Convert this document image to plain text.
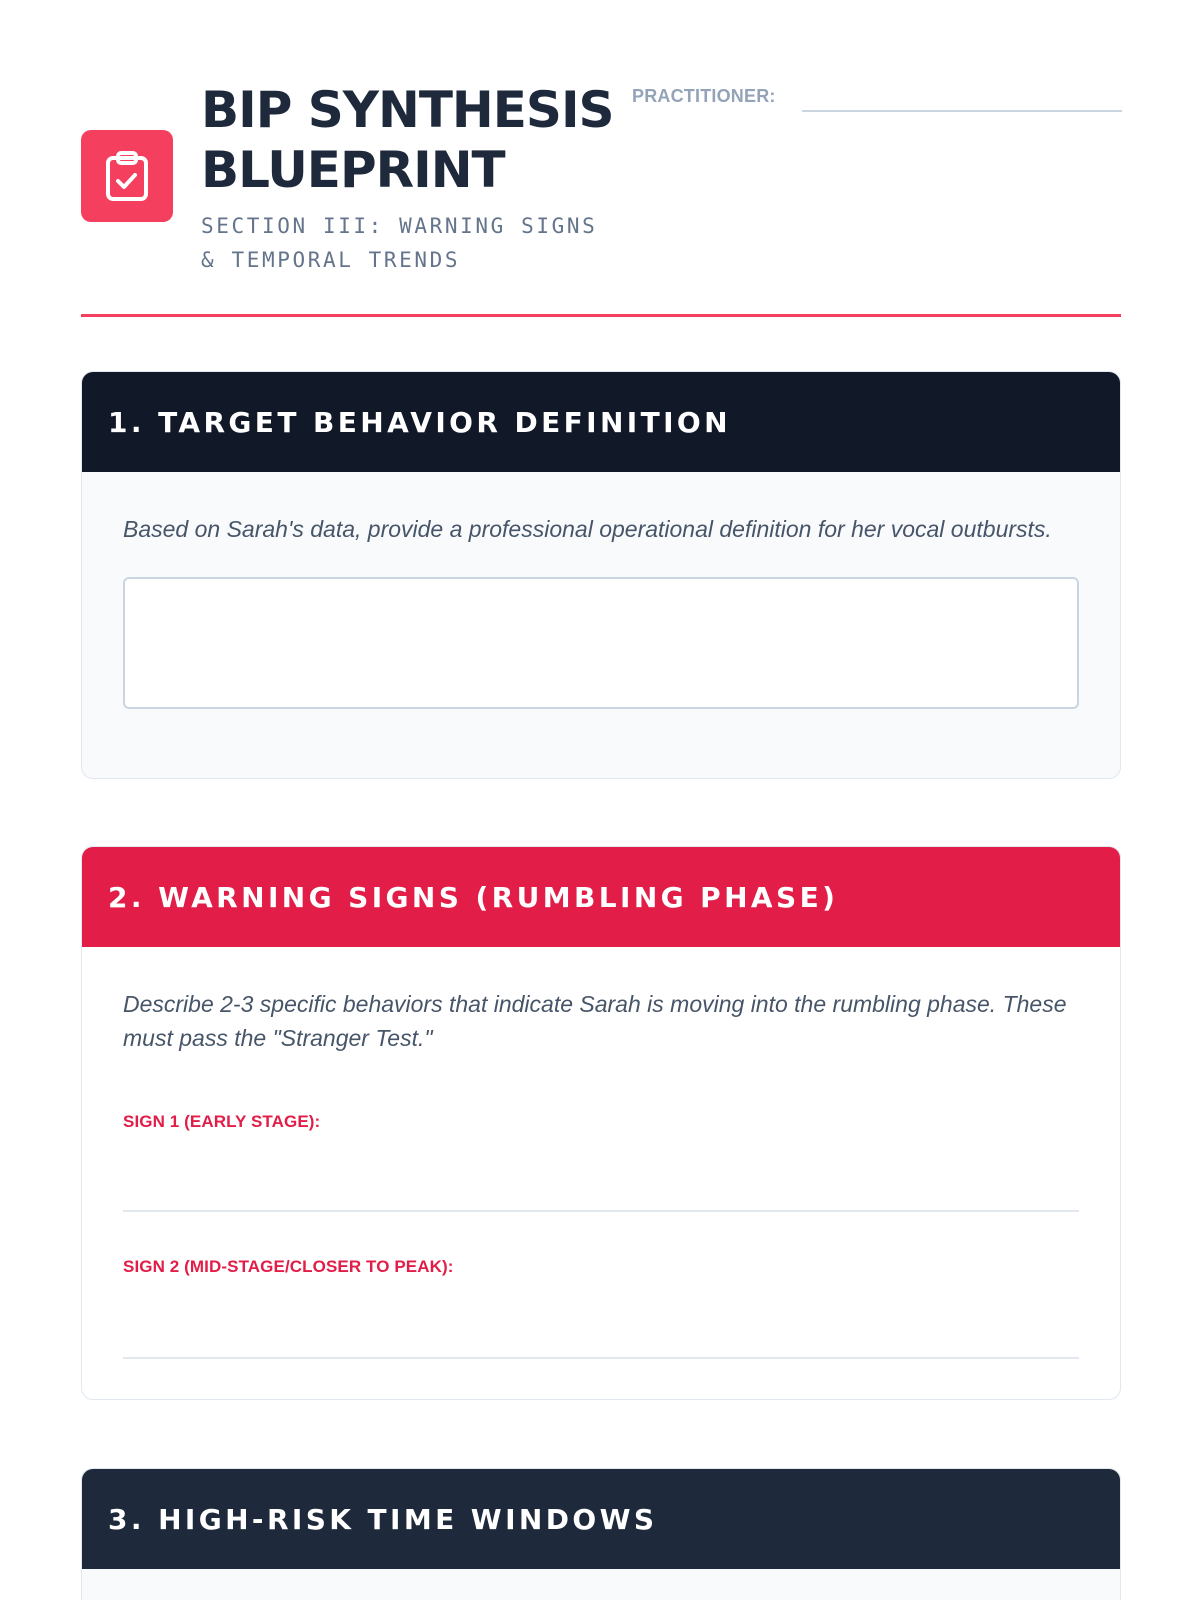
BIP SYNTHESIS BLUEPRINT
SECTION III: WARNING SIGNS
& TEMPORAL TRENDS
PRACTITIONER:
1. TARGET BEHAVIOR DEFINITION
Based on Sarah's data, provide a professional operational definition for her vocal outbursts.
2. WARNING SIGNS (RUMBLING PHASE)
Describe 2-3 specific behaviors that indicate Sarah is moving into the rumbling phase. These must pass the "Stranger Test."
SIGN 1 (EARLY STAGE):
SIGN 2 (MID-STAGE/CLOSER TO PEAK):
3. HIGH-RISK TIME WINDOWS
